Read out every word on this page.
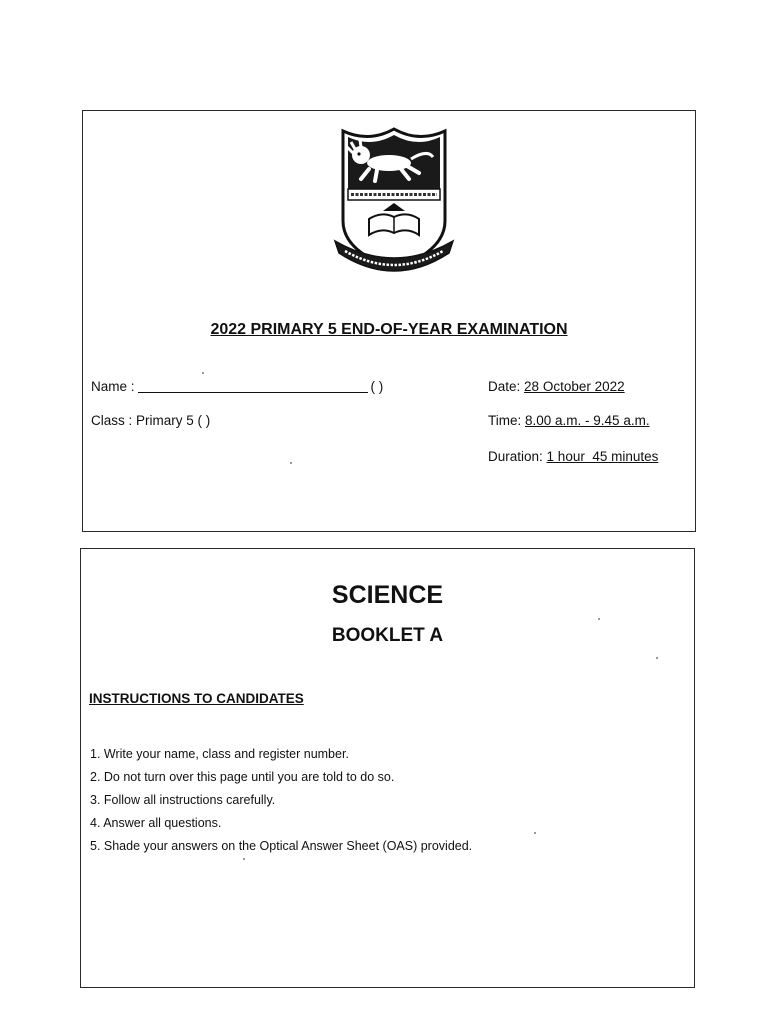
2022 PRIMARY 5 END-OF-YEAR EXAMINATION
Name :	( )
Class : Primary 5 ( )
Date: 28 October 2022
Time: 8.00 a.m. - 9.45 a.m.
Duration: 1 hour  45 minutes
SCIENCE
BOOKLET A
INSTRUCTIONS TO CANDIDATES
1. Write your name, class and register number.
2. Do not turn over this page until you are told to do so.
3. Follow all instructions carefully.
4. Answer all questions.
5. Shade your answers on the Optical Answer Sheet (OAS) provided.
